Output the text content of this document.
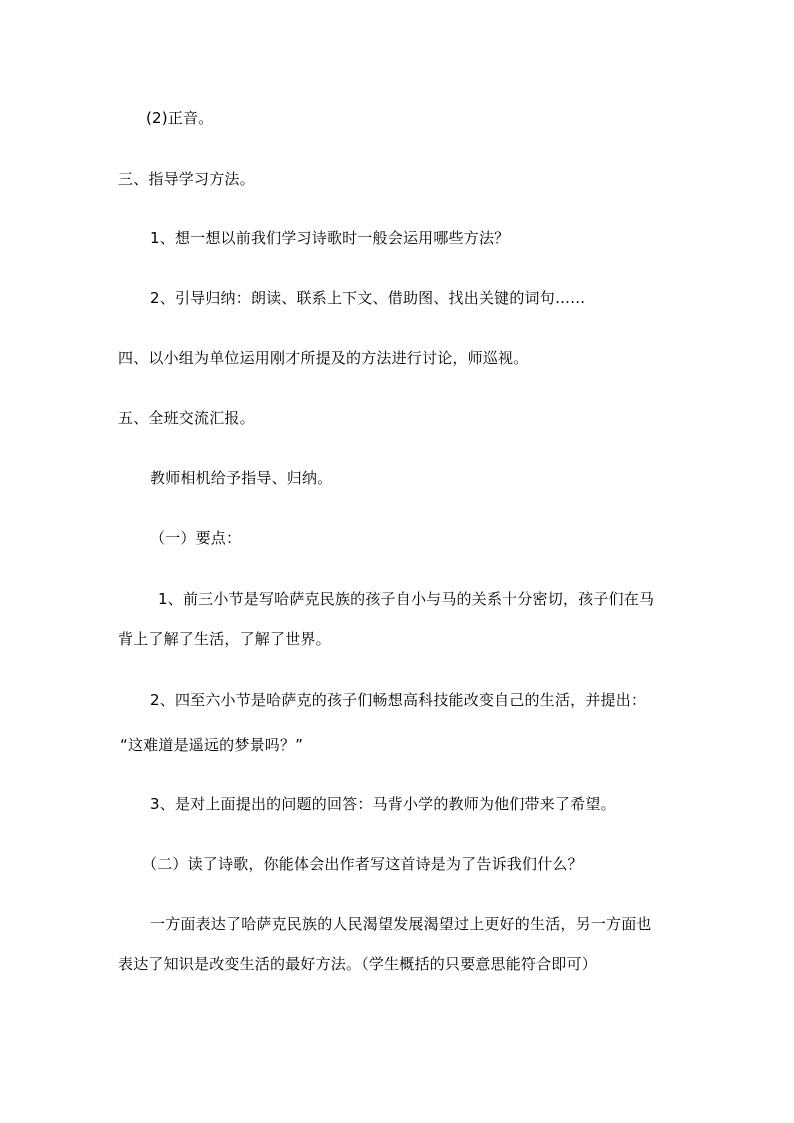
(2)正音。
三、指导学习方法。
1、想一想以前我们学习诗歌时一般会运用哪些方法？
2、引导归纳：朗读、联系上下文、借助图、找出关键的词句……
四、以小组为单位运用刚才所提及的方法进行讨论，师巡视。
五、全班交流汇报。
教师相机给予指导、归纳。
（一）要点：
1、前三小节是写哈萨克民族的孩子自小与马的关系十分密切，孩子们在马
背上了解了生活，了解了世界。
2、四至六小节是哈萨克的孩子们畅想高科技能改变自己的生活，并提出：
“这难道是遥远的梦景吗？”
3、是对上面提出的问题的回答：马背小学的教师为他们带来了希望。
（二）读了诗歌，你能体会出作者写这首诗是为了告诉我们什么？
一方面表达了哈萨克民族的人民渴望发展渴望过上更好的生活，另一方面也
表达了知识是改变生活的最好方法。（学生概括的只要意思能符合即可）
